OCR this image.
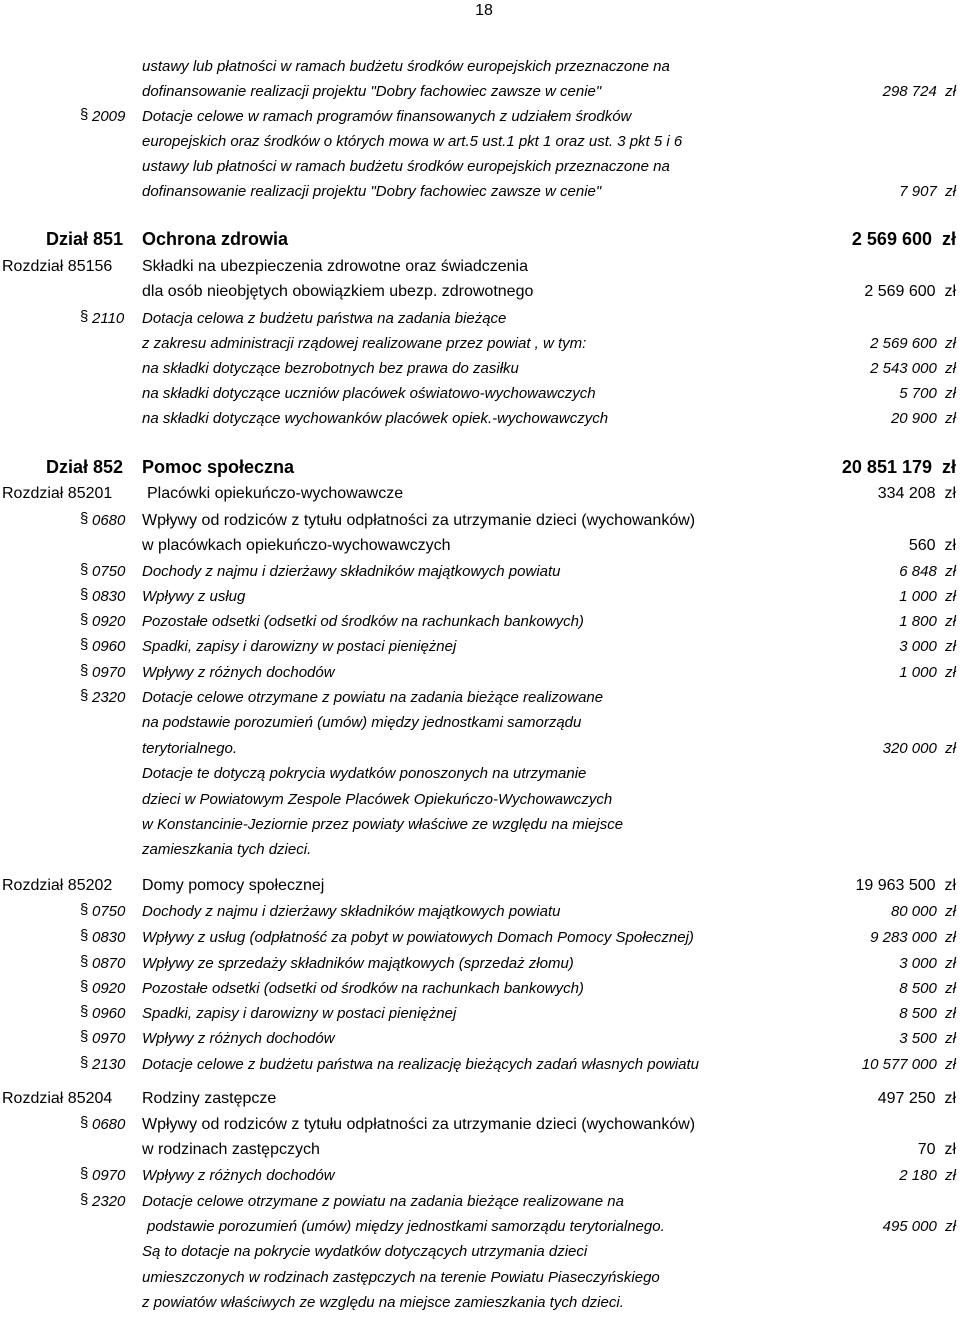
18
ustawy lub płatności w ramach budżetu środków europejskich przeznaczone na
dofinansowanie realizacji projektu "Dobry fachowiec zawsze w cenie"	298 724  zł
§ 2009 Dotacje celowe w ramach programów finansowanych z udziałem środków
europejskich oraz środków o których mowa w art.5 ust.1 pkt 1 oraz ust. 3 pkt 5 i 6
ustawy lub płatności w ramach budżetu środków europejskich przeznaczone na
dofinansowanie realizacji projektu "Dobry fachowiec zawsze w cenie"	7 907  zł
Dział 851 Ochrona zdrowia	2 569 600  zł
Rozdział 85156 Składki na ubezpieczenia zdrowotne oraz świadczenia
dla osób nieobjętych obowiązkiem ubezp. zdrowotnego	2 569 600  zł
§ 2110 Dotacja celowa z budżetu państwa na zadania bieżące
z zakresu administracji rządowej realizowane przez powiat , w tym:	2 569 600  zł
na składki dotyczące bezrobotnych bez prawa do zasiłku	2 543 000  zł
na składki dotyczące uczniów placówek oświatowo-wychowawczych	5 700  zł
na składki dotyczące wychowanków placówek opiek.-wychowawczych	20 900  zł
Dział 852 Pomoc społeczna	20 851 179  zł
Rozdział 85201 Placówki opiekuńczo-wychowawcze	334 208  zł
§ 0680 Wpływy od rodziców z tytułu odpłatności za utrzymanie dzieci (wychowanków)
w placówkach opiekuńczo-wychowawczych	560  zł
§ 0750 Dochody z najmu i dzierżawy składników majątkowych powiatu	6 848  zł
§ 0830 Wpływy z usług	1 000  zł
§ 0920 Pozostałe odsetki (odsetki od środków na rachunkach bankowych)	1 800  zł
§ 0960 Spadki, zapisy i darowizny w postaci pieniężnej	3 000  zł
§ 0970 Wpływy z różnych dochodów	1 000  zł
§ 2320 Dotacje celowe otrzymane z powiatu na zadania bieżące realizowane
na podstawie porozumień (umów) między jednostkami samorządu
terytorialnego.	320 000  zł
Dotacje te dotyczą pokrycia wydatków ponoszonych na utrzymanie
dzieci w Powiatowym Zespole Placówek Opiekuńczo-Wychowawczych
w Konstancinie-Jeziornie przez powiaty właściwe ze względu na miejsce
zamieszkania tych dzieci.
Rozdział 85202 Domy pomocy społecznej	19 963 500  zł
§ 0750 Dochody z najmu i dzierżawy składników majątkowych powiatu	80 000  zł
§ 0830 Wpływy z usług (odpłatność za pobyt w powiatowych Domach Pomocy Społecznej)	9 283 000  zł
§ 0870 Wpływy ze sprzedaży składników majątkowych (sprzedaż złomu)	3 000  zł
§ 0920 Pozostałe odsetki (odsetki od środków na rachunkach bankowych)	8 500  zł
§ 0960 Spadki, zapisy i darowizny w postaci pieniężnej	8 500  zł
§ 0970 Wpływy z różnych dochodów	3 500  zł
§ 2130 Dotacje celowe z budżetu państwa na realizację bieżących zadań własnych powiatu	10 577 000  zł
Rozdział 85204 Rodziny zastępcze	497 250  zł
§ 0680 Wpływy od rodziców z tytułu odpłatności za utrzymanie dzieci (wychowanków)
w rodzinach zastępczych	70  zł
§ 0970 Wpływy z różnych dochodów	2 180  zł
§ 2320 Dotacje celowe otrzymane z powiatu na zadania bieżące realizowane na
podstawie porozumień (umów) między jednostkami samorządu terytorialnego.	495 000  zł
Są to dotacje na pokrycie wydatków dotyczących utrzymania dzieci
umieszczonych w rodzinach zastępczych na terenie Powiatu Piaseczyńskiego
z powiatów właściwych ze względu na miejsce zamieszkania tych dzieci.
